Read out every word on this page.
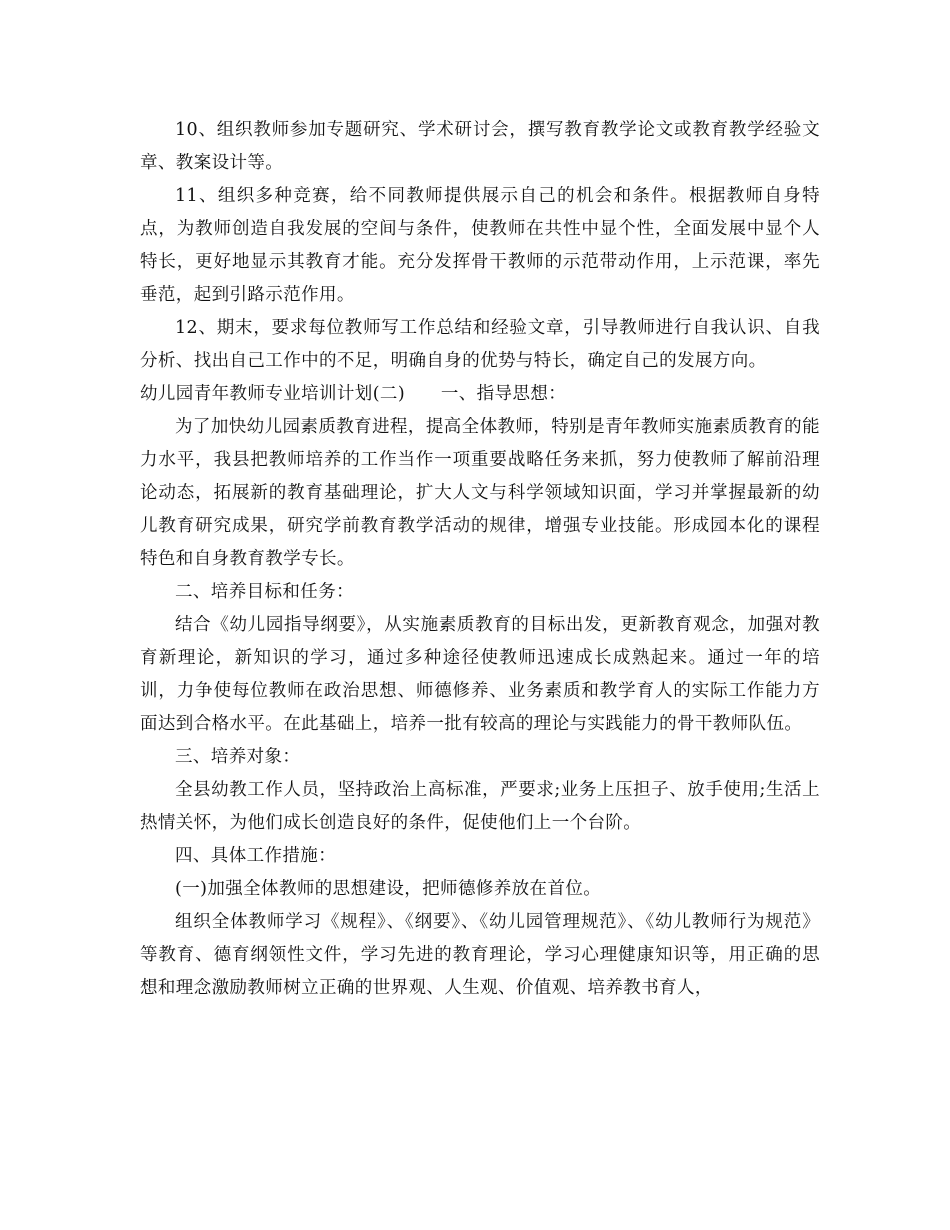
10、组织教师参加专题研究、学术研讨会，撰写教育教学论文或教育教学经验文章、教案设计等。

11、组织多种竞赛，给不同教师提供展示自己的机会和条件。根据教师自身特点，为教师创造自我发展的空间与条件，使教师在共性中显个性，全面发展中显个人特长，更好地显示其教育才能。充分发挥骨干教师的示范带动作用，上示范课，率先垂范，起到引路示范作用。

12、期末，要求每位教师写工作总结和经验文章，引导教师进行自我认识、自我分析、找出自己工作中的不足，明确自身的优势与特长，确定自己的发展方向。

幼儿园青年教师专业培训计划(二)　　一、指导思想：

为了加快幼儿园素质教育进程，提高全体教师，特别是青年教师实施素质教育的能力水平，我县把教师培养的工作当作一项重要战略任务来抓，努力使教师了解前沿理论动态，拓展新的教育基础理论，扩大人文与科学领域知识面，学习并掌握最新的幼儿教育研究成果，研究学前教育教学活动的规律，增强专业技能。形成园本化的课程特色和自身教育教学专长。

二、培养目标和任务：

结合《幼儿园指导纲要》，从实施素质教育的目标出发，更新教育观念，加强对教育新理论，新知识的学习，通过多种途径使教师迅速成长成熟起来。通过一年的培训，力争使每位教师在政治思想、师德修养、业务素质和教学育人的实际工作能力方面达到合格水平。在此基础上，培养一批有较高的理论与实践能力的骨干教师队伍。

三、培养对象：

全县幼教工作人员，坚持政治上高标准，严要求;业务上压担子、放手使用;生活上热情关怀，为他们成长创造良好的条件，促使他们上一个台阶。

四、具体工作措施：

(一)加强全体教师的思想建设，把师德修养放在首位。

组织全体教师学习《规程》、《纲要》、《幼儿园管理规范》、《幼儿教师行为规范》等教育、德育纲领性文件，学习先进的教育理论，学习心理健康知识等，用正确的思想和理念激励教师树立正确的世界观、人生观、价值观、培养教书育人，
